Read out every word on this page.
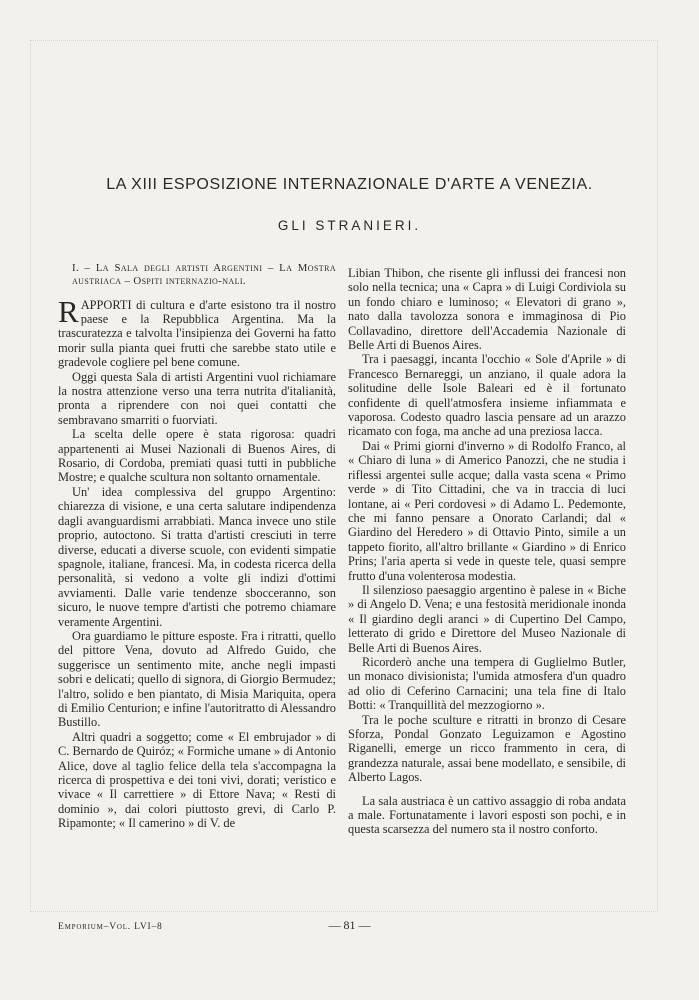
LA XIII ESPOSIZIONE INTERNAZIONALE D'ARTE A VENEZIA.
GLI STRANIERI.

I. – La Sala degli artisti Argentini – La Mostra austriaca – Ospiti internazio-nali.

RAPPORTI di cultura e d'arte esistono tra il nostro paese e la Repubblica Argentina. Ma la trascuratezza e talvolta l'insipienza dei Governi ha fatto morir sulla pianta quei frutti che sarebbe stato utile e gradevole cogliere pel bene comune.

Oggi questa Sala di artisti Argentini vuol richiamare la nostra attenzione verso una terra nutrita d'italianità, pronta a riprendere con noi quei contatti che sembravano smarriti o fuorviati.

La scelta delle opere è stata rigorosa: quadri appartenenti ai Musei Nazionali di Buenos Aires, di Rosario, di Cordoba, premiati quasi tutti in pubbliche Mostre; e qualche scultura non soltanto ornamentale.

Un' idea complessiva del gruppo Argentino: chiarezza di visione, e una certa salutare indipendenza dagli avanguardismi arrabbiati. Manca invece uno stile proprio, autoctono. Si tratta d'artisti cresciuti in terre diverse, educati a diverse scuole, con evidenti simpatie spagnole, italiane, francesi. Ma, in codesta ricerca della personalità, si vedono a volte gli indizi d'ottimi avviamenti. Dalle varie tendenze sbocceranno, son sicuro, le nuove tempre d'artisti che potremo chiamare veramente Argentini.

Ora guardiamo le pitture esposte. Fra i ritratti, quello del pittore Vena, dovuto ad Alfredo Guido, che suggerisce un sentimento mite, anche negli impasti sobri e delicati; quello di signora, di Giorgio Bermudez; l'altro, solido e ben piantato, di Misia Mariquita, opera di Emilio Centurion; e infine l'autoritratto di Alessandro Bustillo.

Altri quadri a soggetto; come « El embrujador » di C. Bernardo de Quiróz; « Formiche umane » di Antonio Alice, dove al taglio felice della tela s'accompagna la ricerca di prospettiva e dei toni vivi, dorati; veristico e vivace « Il carrettiere » di Ettore Nava; « Resti di dominio », dai colori piuttosto grevi, di Carlo P. Ripamonte; « Il camerino » di V. de

Libian Thibon, che risente gli influssi dei francesi non solo nella tecnica; una « Capra » di Luigi Cordiviola su un fondo chiaro e luminoso; « Elevatori di grano », nato dalla tavolozza sonora e immaginosa di Pio Collavadino, direttore dell'Accademia Nazionale di Belle Arti di Buenos Aires.

Tra i paesaggi, incanta l'occhio « Sole d'Aprile » di Francesco Bernareggi, un anziano, il quale adora la solitudine delle Isole Baleari ed è il fortunato confidente di quell'atmosfera insieme infiammata e vaporosa. Codesto quadro lascia pensare ad un arazzo ricamato con foga, ma anche ad una preziosa lacca.

Dai « Primi giorni d'inverno » di Rodolfo Franco, al « Chiaro di luna » di Americo Panozzi, che ne studia i riflessi argentei sulle acque; dalla vasta scena « Primo verde » di Tito Cittadini, che va in traccia di luci lontane, ai « Peri cordovesi » di Adamo L. Pedemonte, che mi fanno pensare a Onorato Carlandi; dal « Giardino del Heredero » di Ottavio Pinto, simile a un tappeto fiorito, all'altro brillante « Giardino » di Enrico Prins; l'aria aperta si vede in queste tele, quasi sempre frutto d'una volenterosa modestia.

Il silenzioso paesaggio argentino è palese in « Biche » di Angelo D. Vena; e una festosità meridionale inonda « Il giardino degli aranci » di Cupertino Del Campo, letterato di grido e Direttore del Museo Nazionale di Belle Arti di Buenos Aires.

Ricorderò anche una tempera di Guglielmo Butler, un monaco divisionista; l'umida atmosfera d'un quadro ad olio di Ceferino Carnacini; una tela fine di Italo Botti: « Tranquillità del mezzogiorno ».

Tra le poche sculture e ritratti in bronzo di Cesare Sforza, Pondal Gonzato Leguizamon e Agostino Riganelli, emerge un ricco frammento in cera, di grandezza naturale, assai bene modellato, e sensibile, di Alberto Lagos.

La sala austriaca è un cattivo assaggio di roba andata a male. Fortunatamente i lavori esposti son pochi, e in questa scarsezza del numero sta il nostro conforto.

Emporium–Vol. LVI–8	— 81 —
